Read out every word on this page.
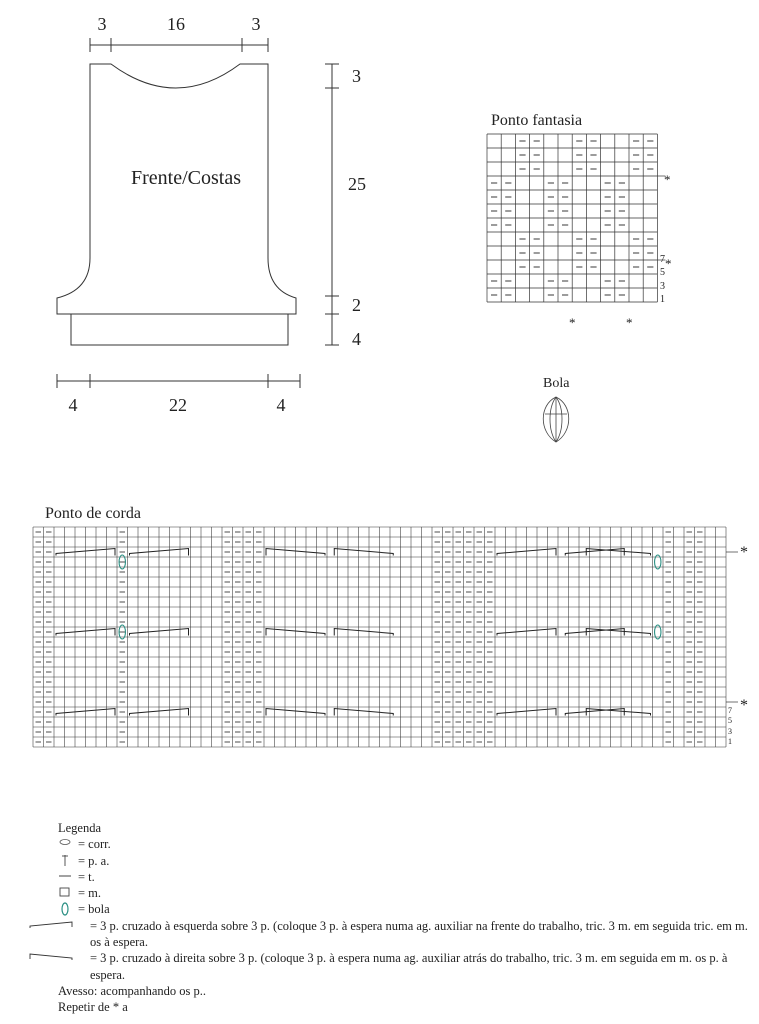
3	16	3
3
25
2
4
4	22	4
Frente/Costas
Ponto fantasia
7
5
3
1
*
*
*	*
Bola
Ponto de corda
7
5
3
1
*
*
Legenda
= corr.
= p. a.
= t.
= m.
= bola
= 3 p. cruzado à esquerda sobre 3 p. (coloque 3 p. à espera numa ag. auxiliar na frente do trabalho, tric. 3 m. em seguida tric. em m. os à espera.
= 3 p. cruzado à direita sobre 3 p. (coloque 3 p. à espera numa ag. auxiliar atrás do trabalho, tric. 3 m. em seguida em m. os p. à espera.
Avesso: acompanhando os p..
Repetir de * a
